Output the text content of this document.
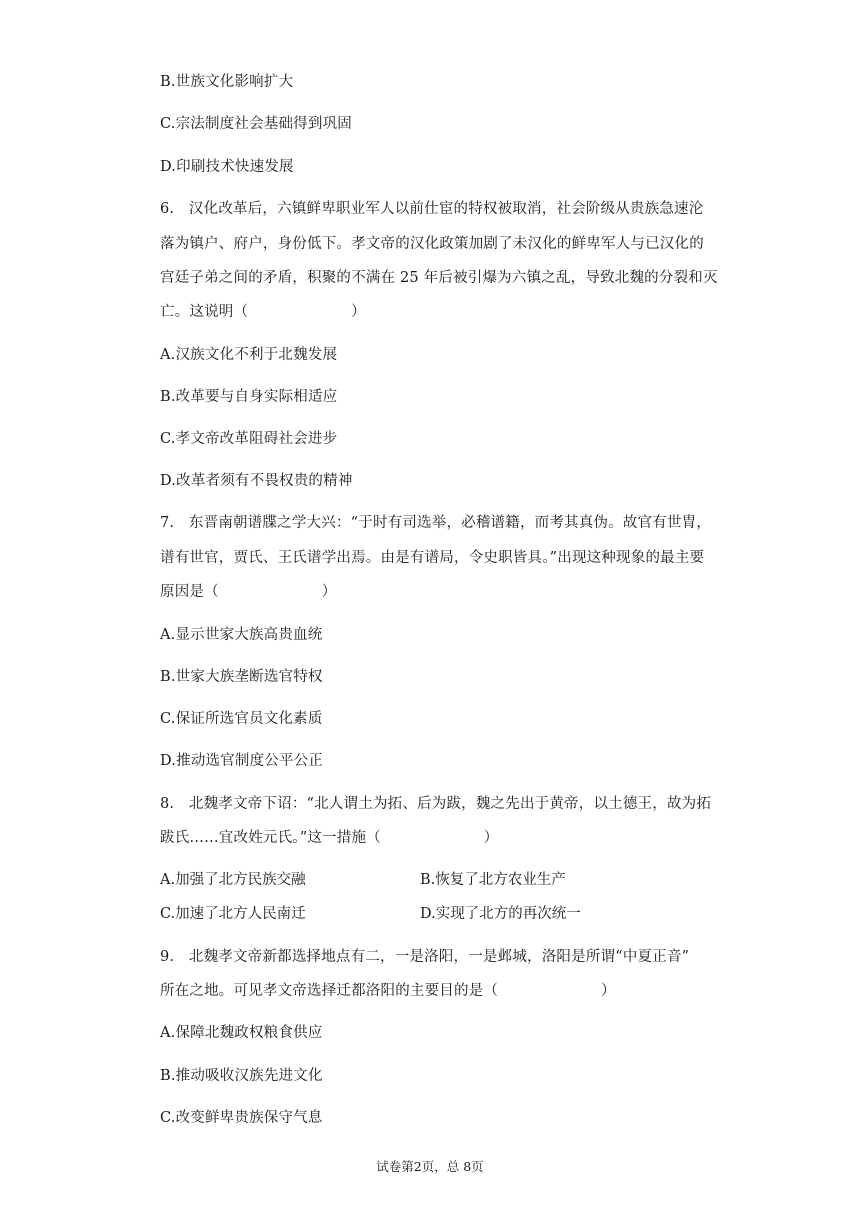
B.世族文化影响扩大
C.宗法制度社会基础得到巩固
D.印刷技术快速发展
6.　汉化改革后，六镇鲜卑职业军人以前仕宦的特权被取消，社会阶级从贵族急速沦
落为镇户、府户，身份低下。孝文帝的汉化政策加剧了未汉化的鲜卑军人与已汉化的
宫廷子弟之间的矛盾，积聚的不满在 25 年后被引爆为六镇之乱，导致北魏的分裂和灭
亡。这说明（　　　　　　　）
A.汉族文化不利于北魏发展
B.改革要与自身实际相适应
C.孝文帝改革阻碍社会进步
D.改革者须有不畏权贵的精神
7.　东晋南朝谱牒之学大兴：“于时有司选举，必稽谱籍，而考其真伪。故官有世胄，
谱有世官，贾氏、王氏谱学出焉。由是有谱局，令史职皆具。”出现这种现象的最主要
原因是（　　　　　　　）
A.显示世家大族高贵血统
B.世家大族垄断选官特权
C.保证所选官员文化素质
D.推动选官制度公平公正
8.　北魏孝文帝下诏：“北人谓土为拓、后为跋，魏之先出于黄帝，以土德王，故为拓
跋氏……宜改姓元氏。”这一措施（　　　　　　　）
A.加强了北方民族交融	B.恢复了北方农业生产
C.加速了北方人民南迁	D.实现了北方的再次统一
9.　北魏孝文帝新都选择地点有二，一是洛阳，一是邺城，洛阳是所谓“中夏正音”
所在之地。可见孝文帝选择迁都洛阳的主要目的是（　　　　　　　）
A.保障北魏政权粮食供应
B.推动吸收汉族先进文化
C.改变鲜卑贵族保守气息
试卷第2页，总 8页
